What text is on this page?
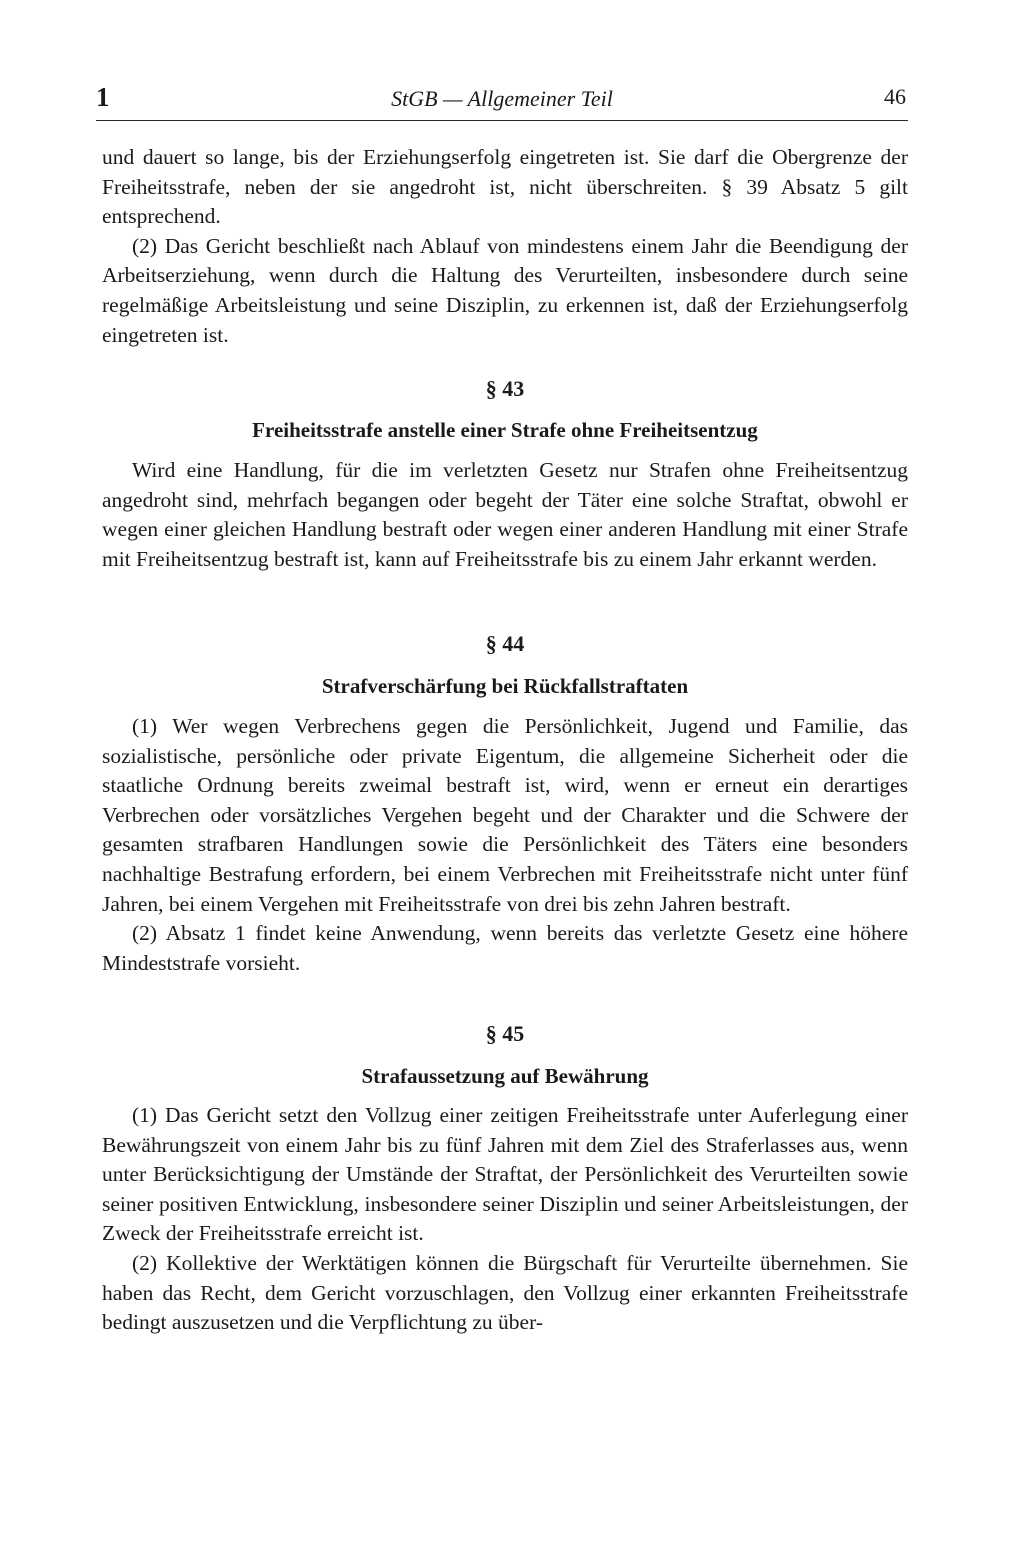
1	StGB — Allgemeiner Teil	46

und dauert so lange, bis der Erziehungserfolg eingetreten ist. Sie darf die Obergrenze der Freiheitsstrafe, neben der sie angedroht ist, nicht überschreiten. § 39 Absatz 5 gilt entsprechend.

(2) Das Gericht beschließt nach Ablauf von mindestens einem Jahr die Beendigung der Arbeitserziehung, wenn durch die Haltung des Verurteilten, insbesondere durch seine regelmäßige Arbeitsleistung und seine Disziplin, zu erkennen ist, daß der Erziehungserfolg eingetreten ist.

§ 43
Freiheitsstrafe anstelle einer Strafe ohne Freiheitsentzug

Wird eine Handlung, für die im verletzten Gesetz nur Strafen ohne Freiheitsentzug angedroht sind, mehrfach begangen oder begeht der Täter eine solche Straftat, obwohl er wegen einer gleichen Handlung bestraft oder wegen einer anderen Handlung mit einer Strafe mit Freiheitsentzug bestraft ist, kann auf Freiheitsstrafe bis zu einem Jahr erkannt werden.

§ 44
Strafverschärfung bei Rückfallstraftaten

(1) Wer wegen Verbrechens gegen die Persönlichkeit, Jugend und Familie, das sozialistische, persönliche oder private Eigentum, die allgemeine Sicherheit oder die staatliche Ordnung bereits zweimal bestraft ist, wird, wenn er erneut ein derartiges Verbrechen oder vorsätzliches Vergehen begeht und der Charakter und die Schwere der gesamten strafbaren Handlungen sowie die Persönlichkeit des Täters eine besonders nachhaltige Bestrafung erfordern, bei einem Verbrechen mit Freiheitsstrafe nicht unter fünf Jahren, bei einem Vergehen mit Freiheitsstrafe von drei bis zehn Jahren bestraft.

(2) Absatz 1 findet keine Anwendung, wenn bereits das verletzte Gesetz eine höhere Mindeststrafe vorsieht.

§ 45
Strafaussetzung auf Bewährung

(1) Das Gericht setzt den Vollzug einer zeitigen Freiheitsstrafe unter Auferlegung einer Bewährungszeit von einem Jahr bis zu fünf Jahren mit dem Ziel des Straferlasses aus, wenn unter Berücksichtigung der Umstände der Straftat, der Persönlichkeit des Verurteilten sowie seiner positiven Entwicklung, insbesondere seiner Disziplin und seiner Arbeitsleistungen, der Zweck der Freiheitsstrafe erreicht ist.

(2) Kollektive der Werktätigen können die Bürgschaft für Verurteilte übernehmen. Sie haben das Recht, dem Gericht vorzuschlagen, den Vollzug einer erkannten Freiheitsstrafe bedingt auszusetzen und die Verpflichtung zu über-
